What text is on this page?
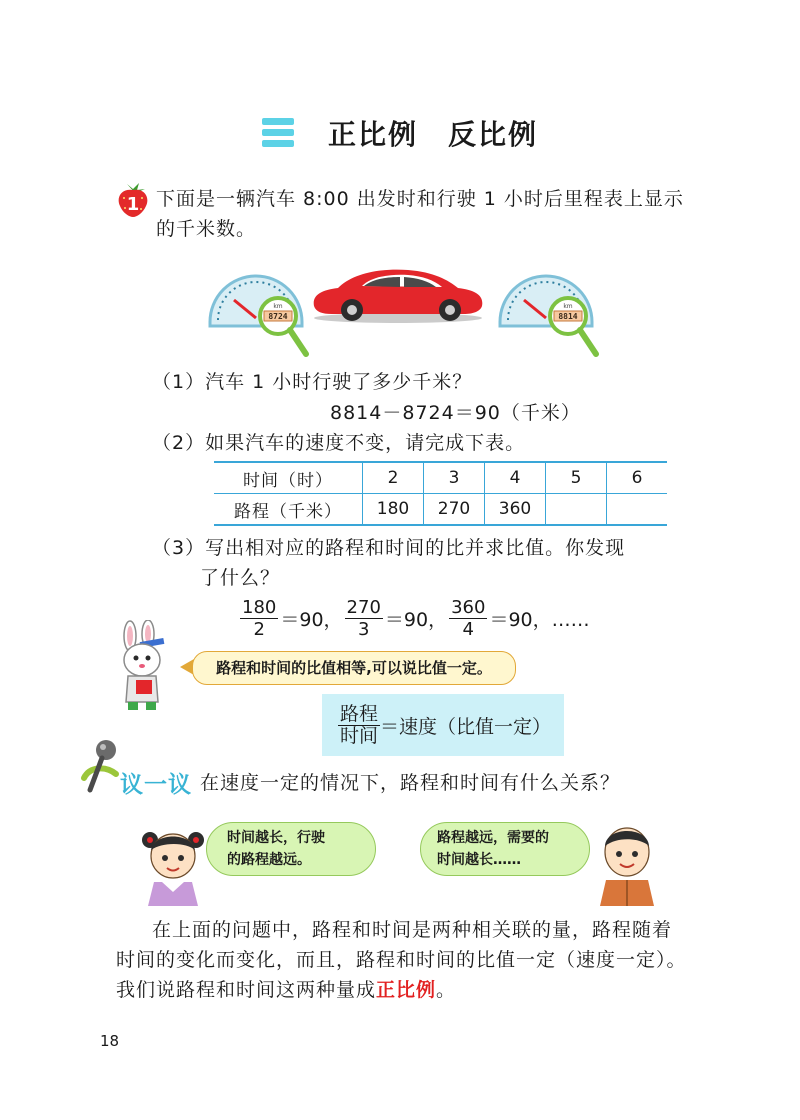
正比例　反比例
1 下面是一辆汽车 8:00 出发时和行驶 1 小时后里程表上显示
的千米数。
km
8724
km
8814
（1）汽车 1 小时行驶了多少千米？
8814－8724＝90（千米）
（2）如果汽车的速度不变，请完成下表。
时间（时）	2	3	4	5	6
路程（千米）	180	270	360		
（3）写出相对应的路程和时间的比并求比值。你发现
了什么？
$\frac{180}{2} =90$， $\frac{270}{3} =90$， $\frac{360}{4} =90$，……
路程和时间的比值相等,可以说比值一定。
$\frac{\text{路程}}{\text{时间}}$ ＝速度（比值一定）
议一议 在速度一定的情况下，路程和时间有什么关系？
时间越长，行驶
的路程越远。
路程越远，需要的
时间越长……
在上面的问题中，路程和时间是两种相关联的量，路程随着
时间的变化而变化，而且，路程和时间的比值一定（速度一定）。
我们说路程和时间这两种量成正比例。
18
